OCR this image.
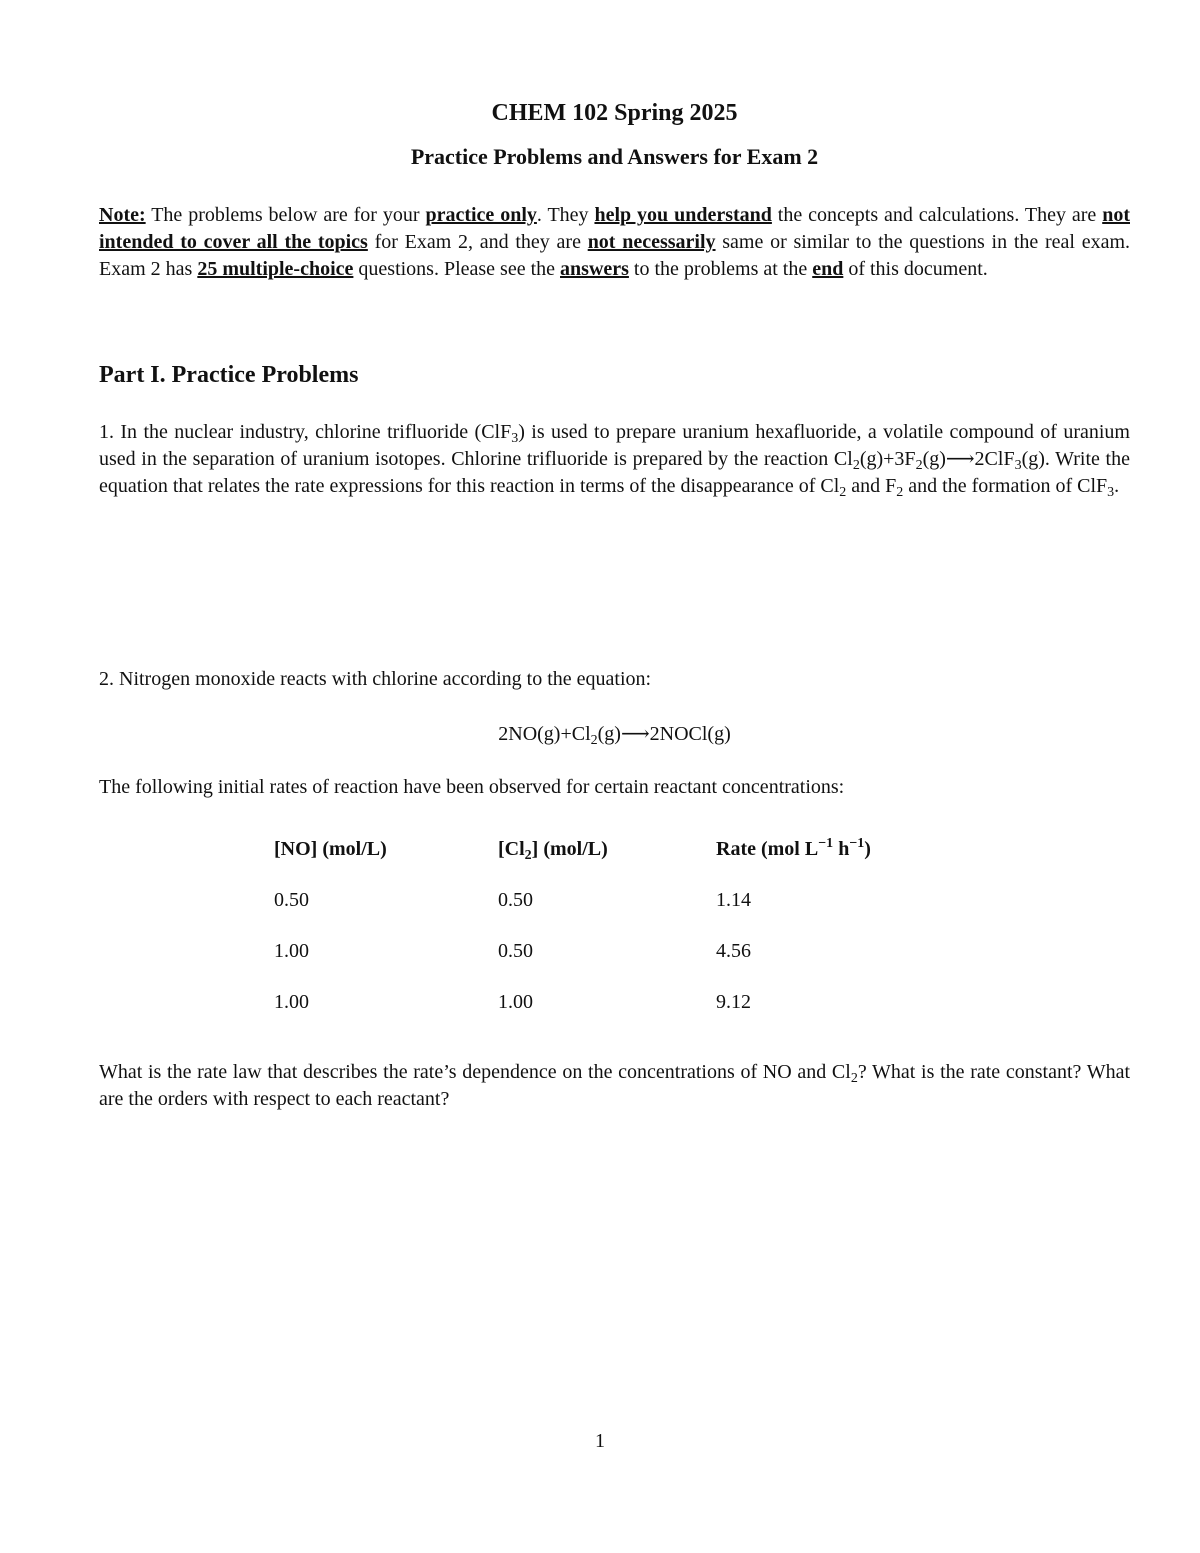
CHEM 102 Spring 2025
Practice Problems and Answers for Exam 2
Note: The problems below are for your practice only. They help you understand the concepts and calculations. They are not intended to cover all the topics for Exam 2, and they are not necessarily same or similar to the questions in the real exam. Exam 2 has 25 multiple-choice questions. Please see the answers to the problems at the end of this document.
Part I. Practice Problems
1. In the nuclear industry, chlorine trifluoride (ClF$_3$) is used to prepare uranium hexafluoride, a volatile compound of uranium used in the separation of uranium isotopes. Chlorine trifluoride is prepared by the reaction $Cl_2(g)+3F_2(g)⟶2ClF_3(g)$. Write the equation that relates the rate expressions for this reaction in terms of the disappearance of $Cl_2$ and $F_2$ and the formation of ClF$_3$.
2. Nitrogen monoxide reacts with chlorine according to the equation:
$2NO(g)+Cl_2(g)⟶2NOCl(g)$
The following initial rates of reaction have been observed for certain reactant concentrations:
[NO] (mol/L)	$[Cl_2]$ (mol/L)	Rate (mol $L^{-1}$ $h^{-1}$)
0.50	0.50	1.14
1.00	0.50	4.56
1.00	1.00	9.12
What is the rate law that describes the rate’s dependence on the concentrations of NO and $Cl_2$? What is the rate constant? What are the orders with respect to each reactant?
1
